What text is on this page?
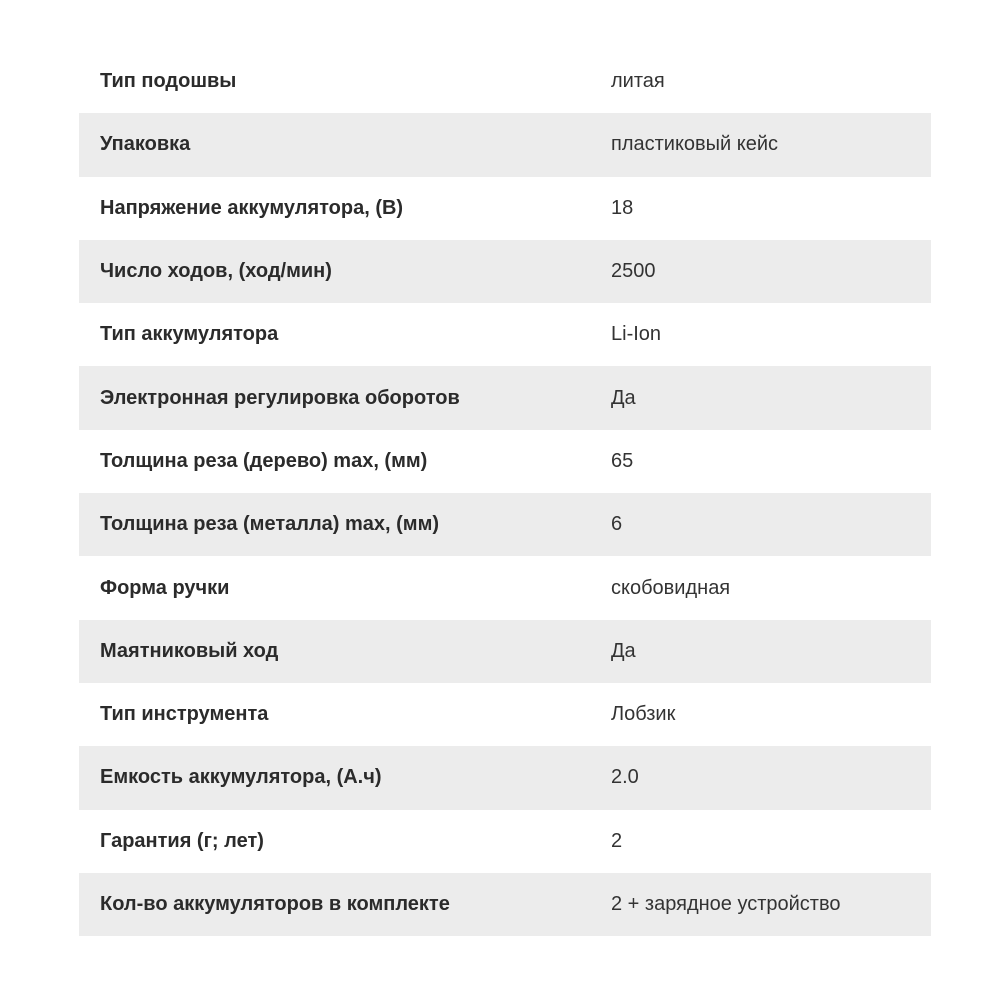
Тип подошвы	литая
Упаковка	пластиковый кейс
Напряжение аккумулятора, (В)	18
Число ходов, (ход/мин)	2500
Тип аккумулятора	Li-Ion
Электронная регулировка оборотов	Да
Толщина реза (дерево) max, (мм)	65
Толщина реза (металла) max, (мм)	6
Форма ручки	скобовидная
Маятниковый ход	Да
Тип инструмента	Лобзик
Емкость аккумулятора, (А.ч)	2.0
Гарантия (г; лет)	2
Кол-во аккумуляторов в комплекте	2 + зарядное устройство
